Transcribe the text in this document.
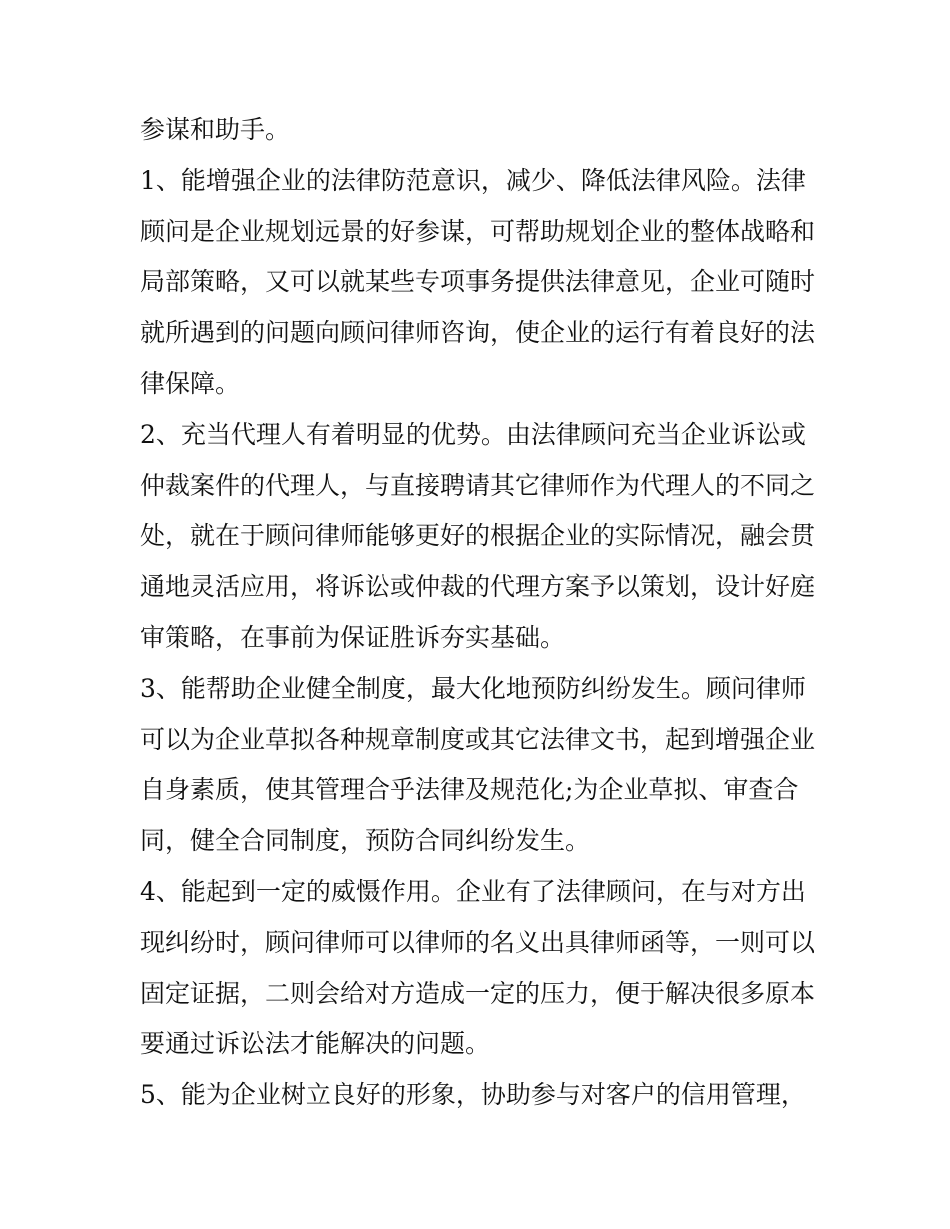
参谋和助手。

1、能增强企业的法律防范意识，减少、降低法律风险。法律顾问是企业规划远景的好参谋，可帮助规划企业的整体战略和局部策略，又可以就某些专项事务提供法律意见，企业可随时就所遇到的问题向顾问律师咨询，使企业的运行有着良好的法律保障。

2、充当代理人有着明显的优势。由法律顾问充当企业诉讼或仲裁案件的代理人，与直接聘请其它律师作为代理人的不同之处，就在于顾问律师能够更好的根据企业的实际情况，融会贯通地灵活应用，将诉讼或仲裁的代理方案予以策划，设计好庭审策略，在事前为保证胜诉夯实基础。

3、能帮助企业健全制度，最大化地预防纠纷发生。顾问律师可以为企业草拟各种规章制度或其它法律文书，起到增强企业自身素质，使其管理合乎法律及规范化;为企业草拟、审查合同，健全合同制度，预防合同纠纷发生。

4、能起到一定的威慑作用。企业有了法律顾问，在与对方出现纠纷时，顾问律师可以律师的名义出具律师函等，一则可以固定证据，二则会给对方造成一定的压力，便于解决很多原本要通过诉讼法才能解决的问题。

5、能为企业树立良好的形象，协助参与对客户的信用管理，
